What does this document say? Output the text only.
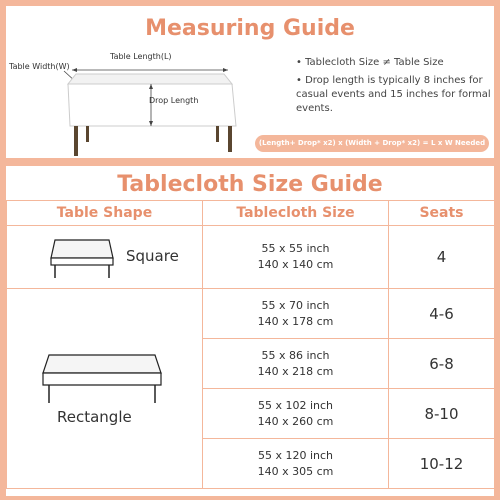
Measuring Guide
Table Length(L)
Table Width(W)
Drop Length
• Tablecloth Size ≠ Table Size
• Drop length is typically 8 inches for casual events and 15 inches for formal events.
(Length+ Drop* x2) x (Width + Drop* x2) = L x W Needed
Tablecloth Size Guide
Table Shape	Tablecloth Size	Seats

Square	55 x 55 inch
140 x 140 cm	4

Rectangle	55 x 70 inch
140 x 178 cm	4-6

	55 x 86 inch
140 x 218 cm	6-8

	55 x 102 inch
140 x 260 cm	8-10

	55 x 120 inch
140 x 305 cm	10-12
